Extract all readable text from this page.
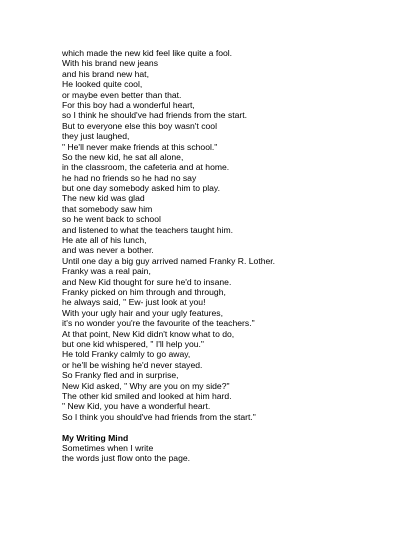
which made the new kid feel like quite a fool.
With his brand new jeans
and his brand new hat,
He looked quite cool,
or maybe even better than that.
For this boy had a wonderful heart,
so I think he should've had friends from the start.
But to everyone else this boy wasn't cool
they just laughed,
" He'll never make friends at this school."
So the new kid, he sat all alone,
in the classroom, the cafeteria and at home.
he had no friends so he had no say
but one day somebody asked him to play.
The new kid was glad
that somebody saw him
so he went back to school
and listened to what the teachers taught him.
He ate all of his lunch,
and was never a bother.
Until one day a big guy arrived named Franky R. Lother.
Franky was a real pain,
and New Kid thought for sure he'd to insane.
Franky picked on him through and through,
he always said, " Ew- just look at you!
With your ugly hair and your ugly features,
it's no wonder you're the favourite of the teachers."
At that point, New Kid didn't know what to do,
but one kid whispered, " I'll help you."
He told Franky calmly to go away,
or he'll be wishing he'd never stayed.
So Franky fled and in surprise,
New Kid asked, " Why are you on my side?"
The other kid smiled and looked at him hard.
" New Kid, you have a wonderful heart.
So I think you should've had friends from the start."
My Writing Mind
Sometimes when I write
the words just flow onto the page.
